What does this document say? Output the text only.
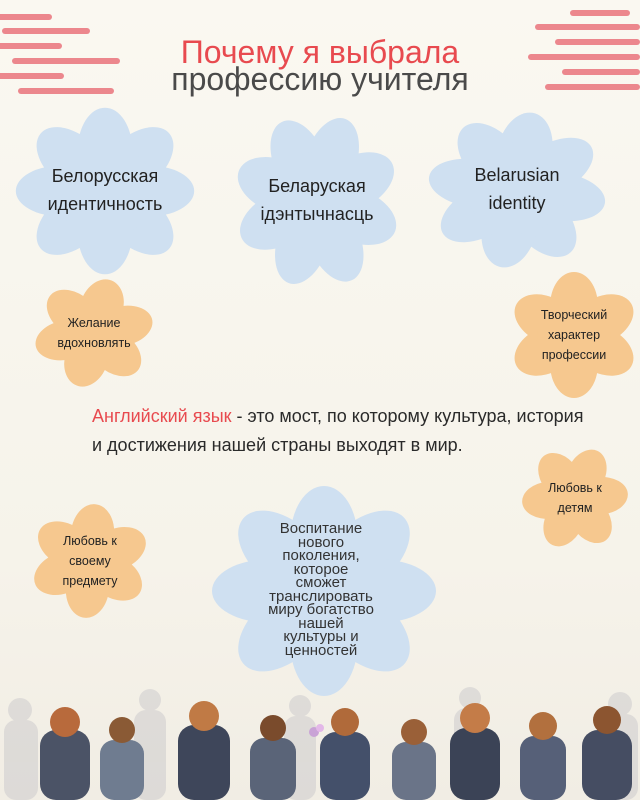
Почему я выбрала
профессию учителя
Белорусская
идентичность
Беларуская
ідэнтычнасць
Belarusian
identity
Желание
вдохновлять
Творческий
характер
профессии
Любовь к
детям
Любовь к
своему
предмету

Английский язык - это мост, по которому культура, история и достижения нашей страны выходят в мир.

Воспитание
нового
поколения,
которое
сможет
транслировать
миру богатство
нашей
культуры и
ценностей
